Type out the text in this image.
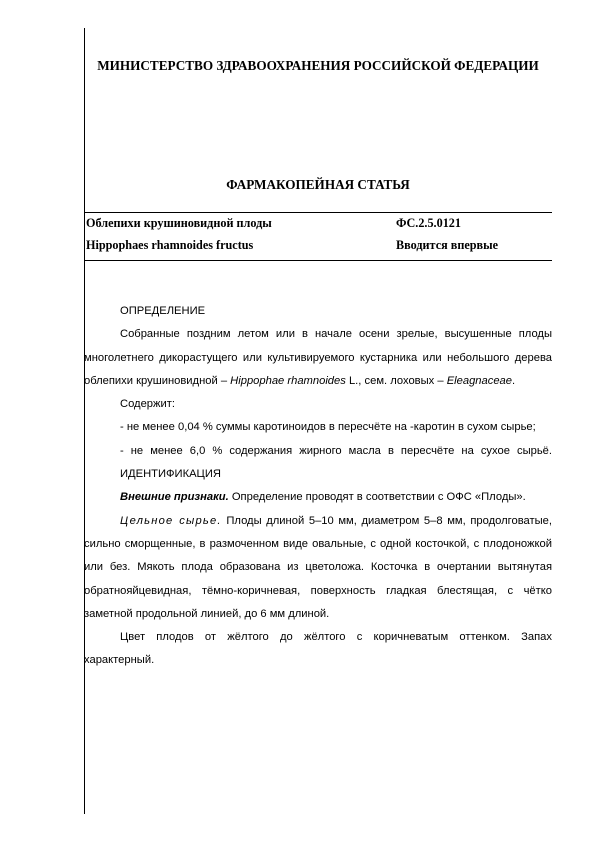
МИНИСТЕРСТВО ЗДРАВООХРАНЕНИЯ РОССИЙСКОЙ ФЕДЕРАЦИИ
ФАРМАКОПЕЙНАЯ СТАТЬЯ
Облепихи крушиновидной плоды	ФС.2.5.0121
Hippophaes rhamnoides fructus	Вводится впервые

ОПРЕДЕЛЕНИЕ

Собранные поздним летом или в начале осени зрелые, высушенные плоды многолетнего дикорастущего или культивируемого кустарника или небольшого дерева облепихи крушиновидной – Hippophae rhamnoides L., сем. лоховых – Eleagnaceae.

Содержит:

- не менее 0,04 % суммы каротиноидов в пересчёте на -каротин в сухом сырье;

- не менее 6,0 % содержания жирного масла в пересчёте на сухое сырьё.

ИДЕНТИФИКАЦИЯ

Внешние признаки. Определение проводят в соответствии с ОФС «Плоды».

Цельное сырье. Плоды длиной 5–10 мм, диаметром 5–8 мм, продолговатые, сильно сморщенные, в размоченном виде овальные, с одной косточкой, с плодоножкой или без. Мякоть плода образована из цветоложа. Косточка в очертании вытянутая обратнояйцевидная, тёмно-коричневая, поверхность гладкая блестящая, с чётко заметной продольной линией, до 6 мм длиной.

Цвет плодов от жёлтого до жёлтого с коричневатым оттенком. Запах характерный.
